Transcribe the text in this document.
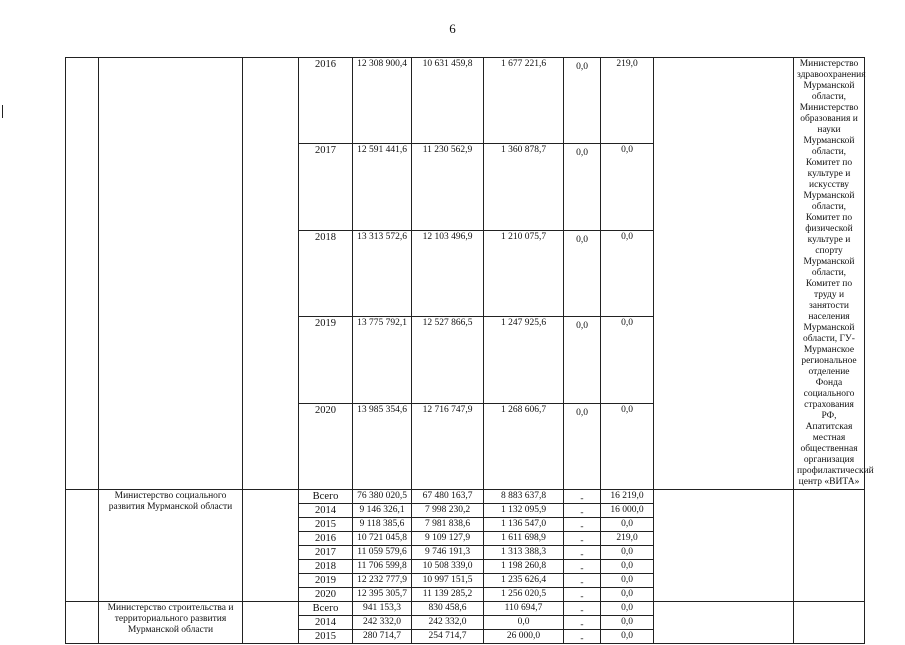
6
			2016	12 308 900,4	10 631 459,8	1 677 221,6	0,0	219,0		Министерство здравоохранения Мурманской области, Министерство образования и науки Мурманской области, Комитет по культуре и искусству Мурманской области, Комитет по физической культуре и спорту Мурманской области, Комитет по труду и занятости населения Мурманской области, ГУ-Мурманское региональное отделение Фонда социального страхования РФ, Апатитская местная общественная организация профилактический центр «ВИТА»
			2017	12 591 441,6	11 230 562,9	1 360 878,7	0,0	0,0		
			2018	13 313 572,6	12 103 496,9	1 210 075,7	0,0	0,0		
			2019	13 775 792,1	12 527 866,5	1 247 925,6	0,0	0,0		
			2020	13 985 354,6	12 716 747,9	1 268 606,7	0,0	0,0		
	Министерство социального развития Мурманской области		Всего	76 380 020,5	67 480 163,7	8 883 637,8	-	16 219,0		
			2014	9 146 326,1	7 998 230,2	1 132 095,9	-	16 000,0		
			2015	9 118 385,6	7 981 838,6	1 136 547,0	-	0,0		
			2016	10 721 045,8	9 109 127,9	1 611 698,9	-	219,0		
			2017	11 059 579,6	9 746 191,3	1 313 388,3	-	0,0		
			2018	11 706 599,8	10 508 339,0	1 198 260,8	-	0,0		
			2019	12 232 777,9	10 997 151,5	1 235 626,4	-	0,0		
			2020	12 395 305,7	11 139 285,2	1 256 020,5	-	0,0		
	Министерство строительства и территориального развития Мурманской области		Всего	941 153,3	830 458,6	110 694,7	-	0,0		
			2014	242 332,0	242 332,0	0,0	-	0,0		
			2015	280 714,7	254 714,7	26 000,0	-	0,0		
